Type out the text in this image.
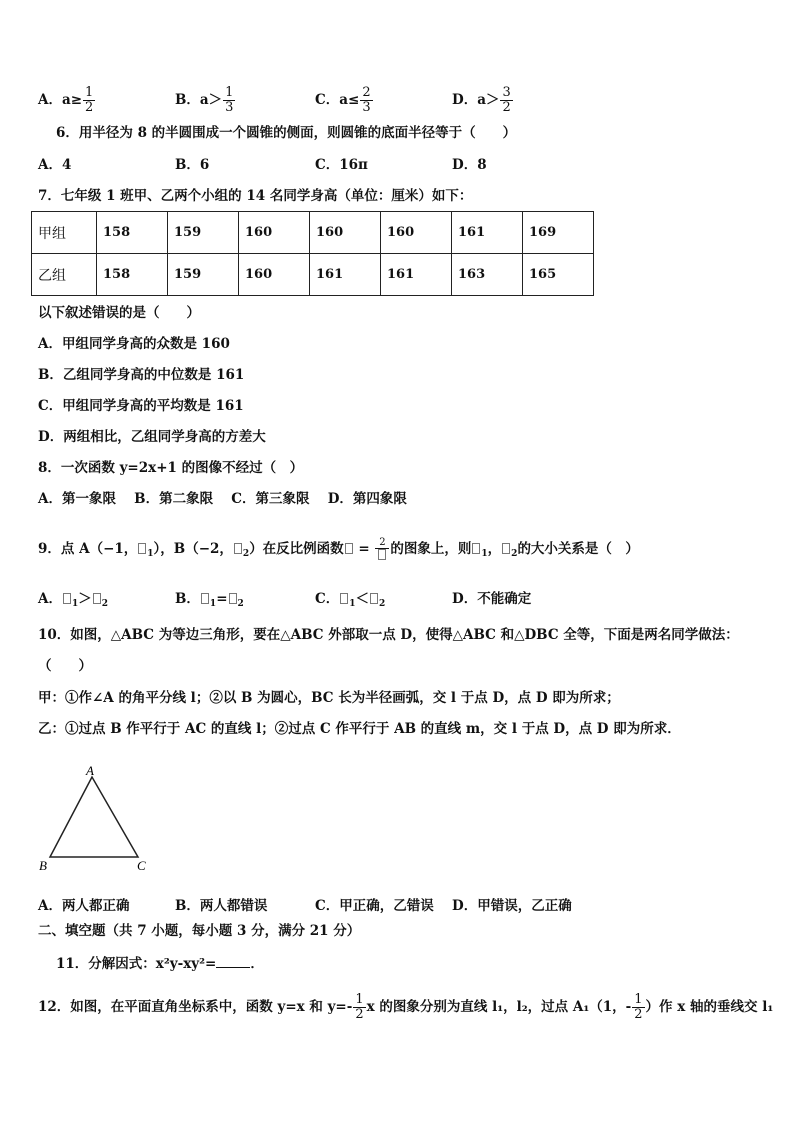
A．$a\ge \frac{1}{2}$	B．$a> \frac{1}{3}$	C．$a\le \frac{2}{3}$	D．$a> \frac{3}{2}$
6．用半径为 8 的半圆围成一个圆锥的侧面，则圆锥的底面半径等于（　　）
A．4	B．6	C．16π	D．8
7．七年级 1 班甲、乙两个小组的 14 名同学身高（单位：厘米）如下：
甲组	158	159	160	160	160	161	169
乙组	158	159	160	161	161	163	165
以下叙述错误的是（　　）
A．甲组同学身高的众数是 160
B．乙组同学身高的中位数是 161
C．甲组同学身高的平均数是 161
D．两组相比，乙组同学身高的方差大
8．一次函数 y=2x+1 的图像不经过（　）
A．第一象限　 B．第二象限　 C．第三象限　 D．第四象限
9．点 A（−1， $_1$），B（−2， $_2$）在反比例函数 = 2 的图象上，则 $_1$， $_2$的大小关系是（　）
A． $_1$＞ $_2$	B． $_1$= $_2$	C． $_1$＜ $_2$	D．不能确定
10．如图，△ABC 为等边三角形，要在△ABC 外部取一点 D，使得△ABC 和△DBC 全等，下面是两名同学做法：
（　　）
甲：①作∠A 的角平分线 l；②以 B 为圆心，BC 长为半径画弧，交 l 于点 D，点 D 即为所求；
乙：①过点 B 作平行于 AC 的直线 l；②过点 C 作平行于 AB 的直线 m，交 l 于点 D，点 D 即为所求．
A
B	C
A．两人都正确	B．两人都错误	C．甲正确，乙错误 D．甲错误，乙正确
二、填空题（共 7 小题，每小题 3 分，满分 21 分）
11．分解因式：x²y-xy²=	．
12．如图，在平面直角坐标系中，函数 y=x 和 $y=- \frac{1}{2}$ x 的图象分别为直线 l₁，l₂，过点 A₁（1，- $\frac{1}{2}$ ）作 x 轴的垂线交 l₁
